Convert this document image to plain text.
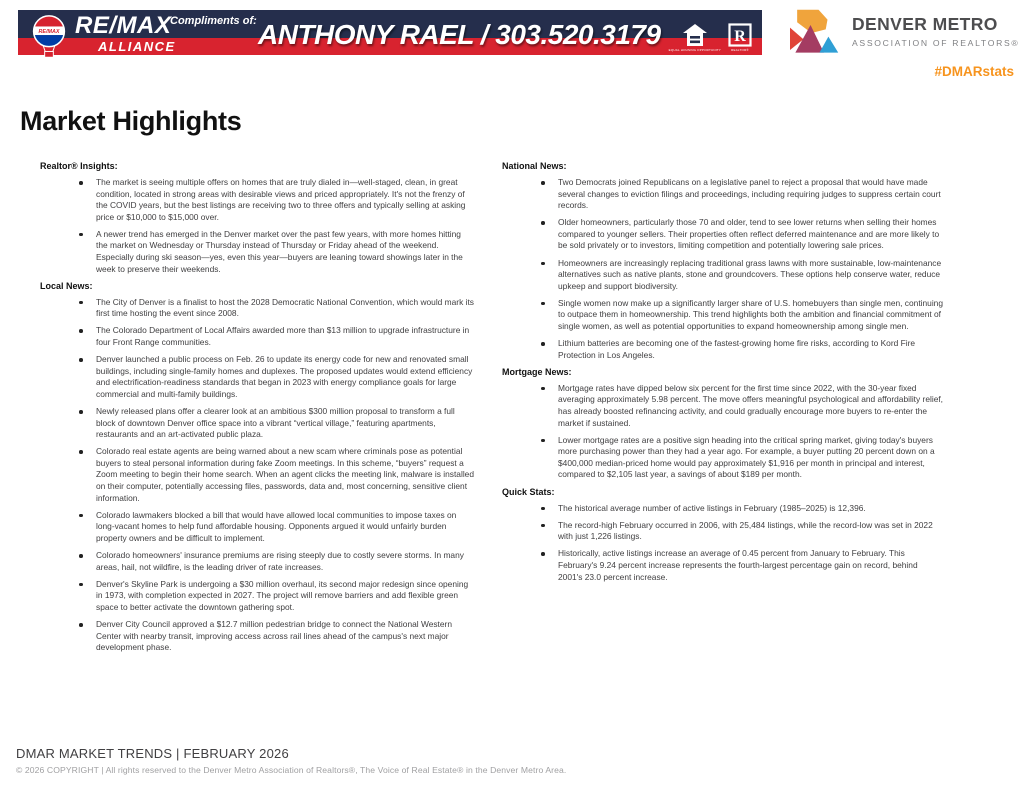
RE/MAX RE/MAX
ALLIANCE
Compliments of: ANTHONY RAEL / 303.520.3179	EQUAL HOUSING OPPORTUNITY
R
REALTOR®
DENVER METRO
ASSOCIATION OF REALTORS®
#DMARstats
Market Highlights
Realtor® Insights:
The market is seeing multiple offers on homes that are truly dialed in—well-staged, clean, in great condition, located in strong areas with desirable views and priced appropriately. It's not the frenzy of the COVID years, but the best listings are receiving two to three offers and typically selling at asking price or $10,000 to $15,000 over.
A newer trend has emerged in the Denver market over the past few years, with more homes hitting the market on Wednesday or Thursday instead of Thursday or Friday ahead of the weekend. Especially during ski season—yes, even this year—buyers are leaning toward showings later in the week to preserve their weekends.
Local News:
The City of Denver is a finalist to host the 2028 Democratic National Convention, which would mark its first time hosting the event since 2008.
The Colorado Department of Local Affairs awarded more than $13 million to upgrade infrastructure in four Front Range communities.
Denver launched a public process on Feb. 26 to update its energy code for new and renovated small buildings, including single-family homes and duplexes. The proposed updates would extend efficiency and electrification-readiness standards that began in 2023 with energy compliance goals for large commercial and multi-family buildings.
Newly released plans offer a clearer look at an ambitious $300 million proposal to transform a full block of downtown Denver office space into a vibrant “vertical village,” featuring apartments, restaurants and an art-activated public plaza.
Colorado real estate agents are being warned about a new scam where criminals pose as potential buyers to steal personal information during fake Zoom meetings. In this scheme, “buyers” request a Zoom meeting to begin their home search. When an agent clicks the meeting link, malware is installed on their computer, potentially accessing files, passwords, data and, most concerning, sensitive client information.
Colorado lawmakers blocked a bill that would have allowed local communities to impose taxes on long-vacant homes to help fund affordable housing. Opponents argued it would unfairly burden property owners and be difficult to implement.
Colorado homeowners' insurance premiums are rising steeply due to costly severe storms. In many areas, hail, not wildfire, is the leading driver of rate increases.
Denver's Skyline Park is undergoing a $30 million overhaul, its second major redesign since opening in 1973, with completion expected in 2027. The project will remove barriers and add flexible green space to better activate the downtown gathering spot.
Denver City Council approved a $12.7 million pedestrian bridge to connect the National Western Center with nearby transit, improving access across rail lines ahead of the campus's next major development phase.
National News:
Two Democrats joined Republicans on a legislative panel to reject a proposal that would have made several changes to eviction filings and proceedings, including requiring judges to suppress certain court records.
Older homeowners, particularly those 70 and older, tend to see lower returns when selling their homes compared to younger sellers. Their properties often reflect deferred maintenance and are more likely to be sold privately or to investors, limiting competition and potentially lowering sale prices.
Homeowners are increasingly replacing traditional grass lawns with more sustainable, low-maintenance alternatives such as native plants, stone and groundcovers. These options help conserve water, reduce upkeep and support biodiversity.
Single women now make up a significantly larger share of U.S. homebuyers than single men, continuing to outpace them in homeownership. This trend highlights both the ambition and financial commitment of single women, as well as potential opportunities to expand homeownership among single men.
Lithium batteries are becoming one of the fastest-growing home fire risks, according to Kord Fire Protection in Los Angeles.
Mortgage News:
Mortgage rates have dipped below six percent for the first time since 2022, with the 30-year fixed averaging approximately 5.98 percent. The move offers meaningful psychological and affordability relief, has already boosted refinancing activity, and could gradually encourage more buyers to re-enter the market if sustained.
Lower mortgage rates are a positive sign heading into the critical spring market, giving today's buyers more purchasing power than they had a year ago. For example, a buyer putting 20 percent down on a $400,000 median-priced home would pay approximately $1,916 per month in principal and interest, compared to $2,105 last year, a savings of about $189 per month.
Quick Stats:
The historical average number of active listings in February (1985–2025) is 12,396.
The record-high February occurred in 2006, with 25,484 listings, while the record-low was set in 2022 with just 1,226 listings.
Historically, active listings increase an average of 0.45 percent from January to February. This February's 9.24 percent increase represents the fourth-largest percentage gain on record, behind 2001's 23.0 percent increase.
DMAR MARKET TRENDS | FEBRUARY 2026
© 2026 COPYRIGHT | All rights reserved to the Denver Metro Association of Realtors®, The Voice of Real Estate® in the Denver Metro Area.
